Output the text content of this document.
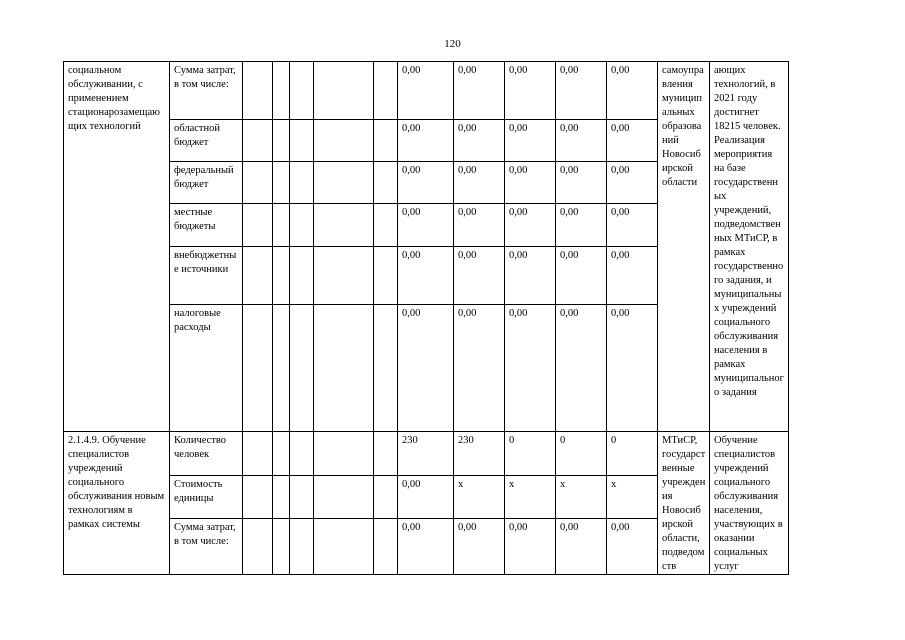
120
социальном обслуживании, с применением стационарозамещающих технологий	Сумма затрат, в том числе:						0,00	0,00	0,00	0,00	0,00	самоуправления муниципальных образований Новосибирской области	ающих технологий, в 2021 году достигнет 18215 человек. Реализация мероприятия на базе государственных учреждений, подведомственных МТиСР, в рамках государственного задания, и муниципальных учреждений социального обслуживания населения в рамках муниципального задания
	областной бюджет						0,00	0,00	0,00	0,00	0,00		
	федеральный бюджет						0,00	0,00	0,00	0,00	0,00		
	местные бюджеты						0,00	0,00	0,00	0,00	0,00		
	внебюджетные источники						0,00	0,00	0,00	0,00	0,00		
	налоговые расходы						0,00	0,00	0,00	0,00	0,00		
2.1.4.9. Обучение специалистов учреждений социального обслуживания новым технологиям в рамках системы	Количество человек						230	230	0	0	0	МТиСР, государственные учреждения Новосибирской области, подведомств	Обучение специалистов учреждений социального обслуживания населения, участвующих в оказании социальных услуг
	Стоимость единицы						0,00	х	х	х	х		
	Сумма затрат, в том числе:						0,00	0,00	0,00	0,00	0,00		
